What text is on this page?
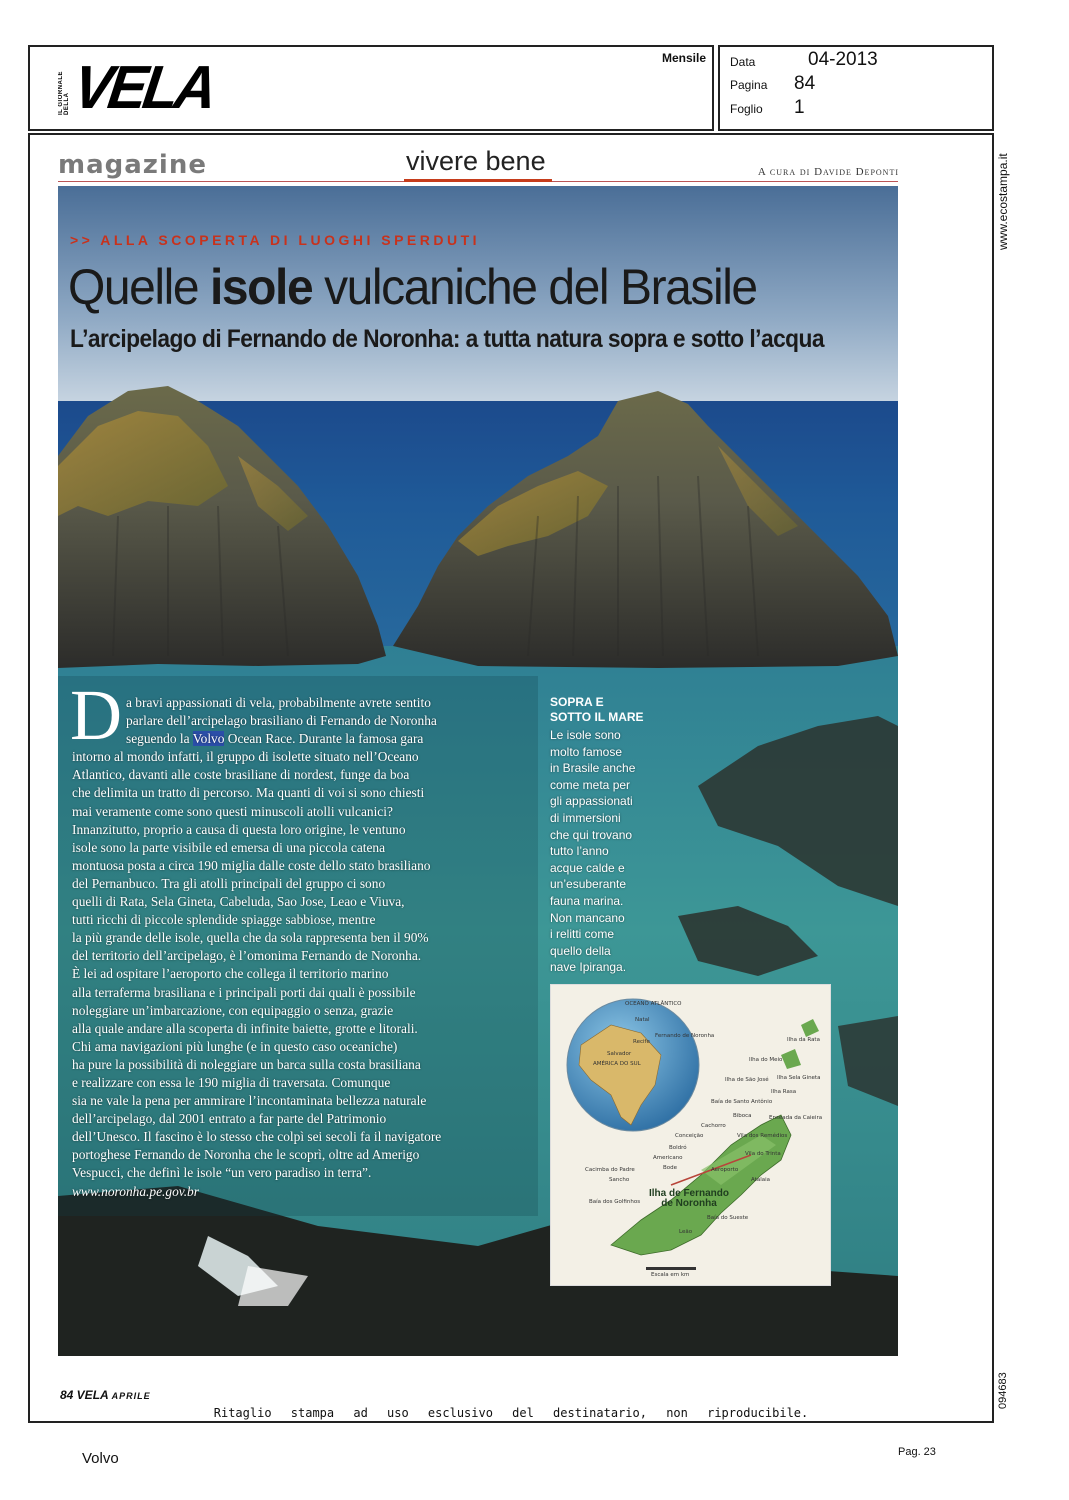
IL GIORNALE DELLA VELA	Mensile Data	04-2013
Pagina 84
Foglio 1
www.ecostampa.it
094683
magazine	vivere bene	A cura di Davide Deponti
>> ALLA SCOPERTA DI LUOGHI SPERDUTI
Quelle isole vulcaniche del Brasile
L’arcipelago di Fernando de Noronha: a tutta natura sopra e sotto l’acqua
D a bravi appassionati di vela, probabilmente avrete sentito
parlare dell’arcipelago brasiliano di Fernando de Noronha
seguendo la Volvo Ocean Race. Durante la famosa gara
intorno al mondo infatti, il gruppo di isolette situato nell’Oceano
Atlantico, davanti alle coste brasiliane di nordest, funge da boa
che delimita un tratto di percorso. Ma quanti di voi si sono chiesti
mai veramente come sono questi minuscoli atolli vulcanici?
Innanzitutto, proprio a causa di questa loro origine, le ventuno
isole sono la parte visibile ed emersa di una piccola catena
montuosa posta a circa 190 miglia dalle coste dello stato brasiliano
del Pernanbuco. Tra gli atolli principali del gruppo ci sono
quelli di Rata, Sela Gineta, Cabeluda, Sao Jose, Leao e Viuva,
tutti ricchi di piccole splendide spiagge sabbiose, mentre
la più grande delle isole, quella che da sola rappresenta ben il 90%
del territorio dell’arcipelago, è l’omonima Fernando de Noronha.
È lei ad ospitare l’aeroporto che collega il territorio marino
alla terraferma brasiliana e i principali porti dai quali è possibile
noleggiare un’imbarcazione, con equipaggio o senza, grazie
alla quale andare alla scoperta di infinite baiette, grotte e litorali.
Chi ama navigazioni più lunghe (e in questo caso oceaniche)
ha pure la possibilità di noleggiare un barca sulla costa brasiliana
e realizzare con essa le 190 miglia di traversata. Comunque
sia ne vale la pena per ammirare l’incontaminata bellezza naturale
dell’arcipelago, dal 2001 entrato a far parte del Patrimonio
dell’Unesco. Il fascino è lo stesso che colpì sei secoli fa il navigatore
portoghese Fernando de Noronha che le scoprì, oltre ad Amerigo
Vespucci, che definì le isole “un vero paradiso in terra”.
www.noronha.pe.gov.br
SOPRA E
SOTTO IL MARE
Le isole sono
molto famose
in Brasile anche
come meta per
gli appassionati
di immersioni
che qui trovano
tutto l’anno
acque calde e
un’esuberante
fauna marina.
Non mancano
i relitti come
quello della
nave Ipiranga.
OCEANO ATLÂNTICO
AMÉRICA DO SUL
Natal
Recife
Salvador
Fernando de Noronha
Ilha da Rata
Ilha do Meio
Ilha de São José Ilha Sela Gineta
Ilha Rasa
Baía de Santo Antônio
Biboca	Enseada da Caieira
Cachorro
Conceição	Vila dos Remédios
Boldró
Americano
Vila do Trinta
Bode	Aeroporto
Cacimba do Padre
Sancho	Atalaia
Baía dos Golfinhos
Baía do Sueste
Leão
Ilha de Fernando
de Noronha
Escala em km
84 VELA APRILE
Ritaglio stampa ad uso esclusivo del destinatario, non riproducibile.
Volvo	Pag. 23
